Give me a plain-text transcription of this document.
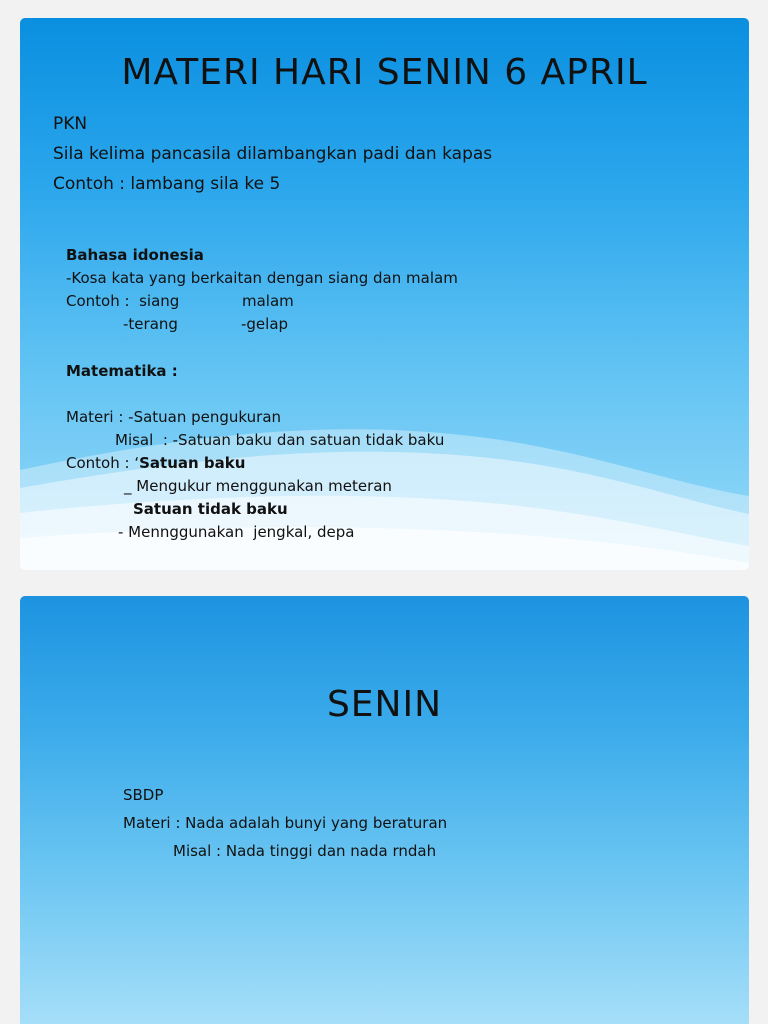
MATERI HARI SENIN 6 APRIL

PKN

Sila kelima pancasila dilambangkan padi dan kapas

Contoh : lambang sila ke 5

Bahasa idonesia

-Kosa kata yang berkaitan dengan siang dan malam

Contoh :  siang	malam

-terang	-gelap

Matematika :

Materi : -Satuan pengukuran

Misal  : -Satuan baku dan satuan tidak baku

Contoh : ‘Satuan baku

_ Mengukur menggunakan meteran

Satuan tidak baku

- Mennggunakan  jengkal, depa

SENIN

SBDP

Materi : Nada adalah bunyi yang beraturan

Misal : Nada tinggi dan nada rndah
